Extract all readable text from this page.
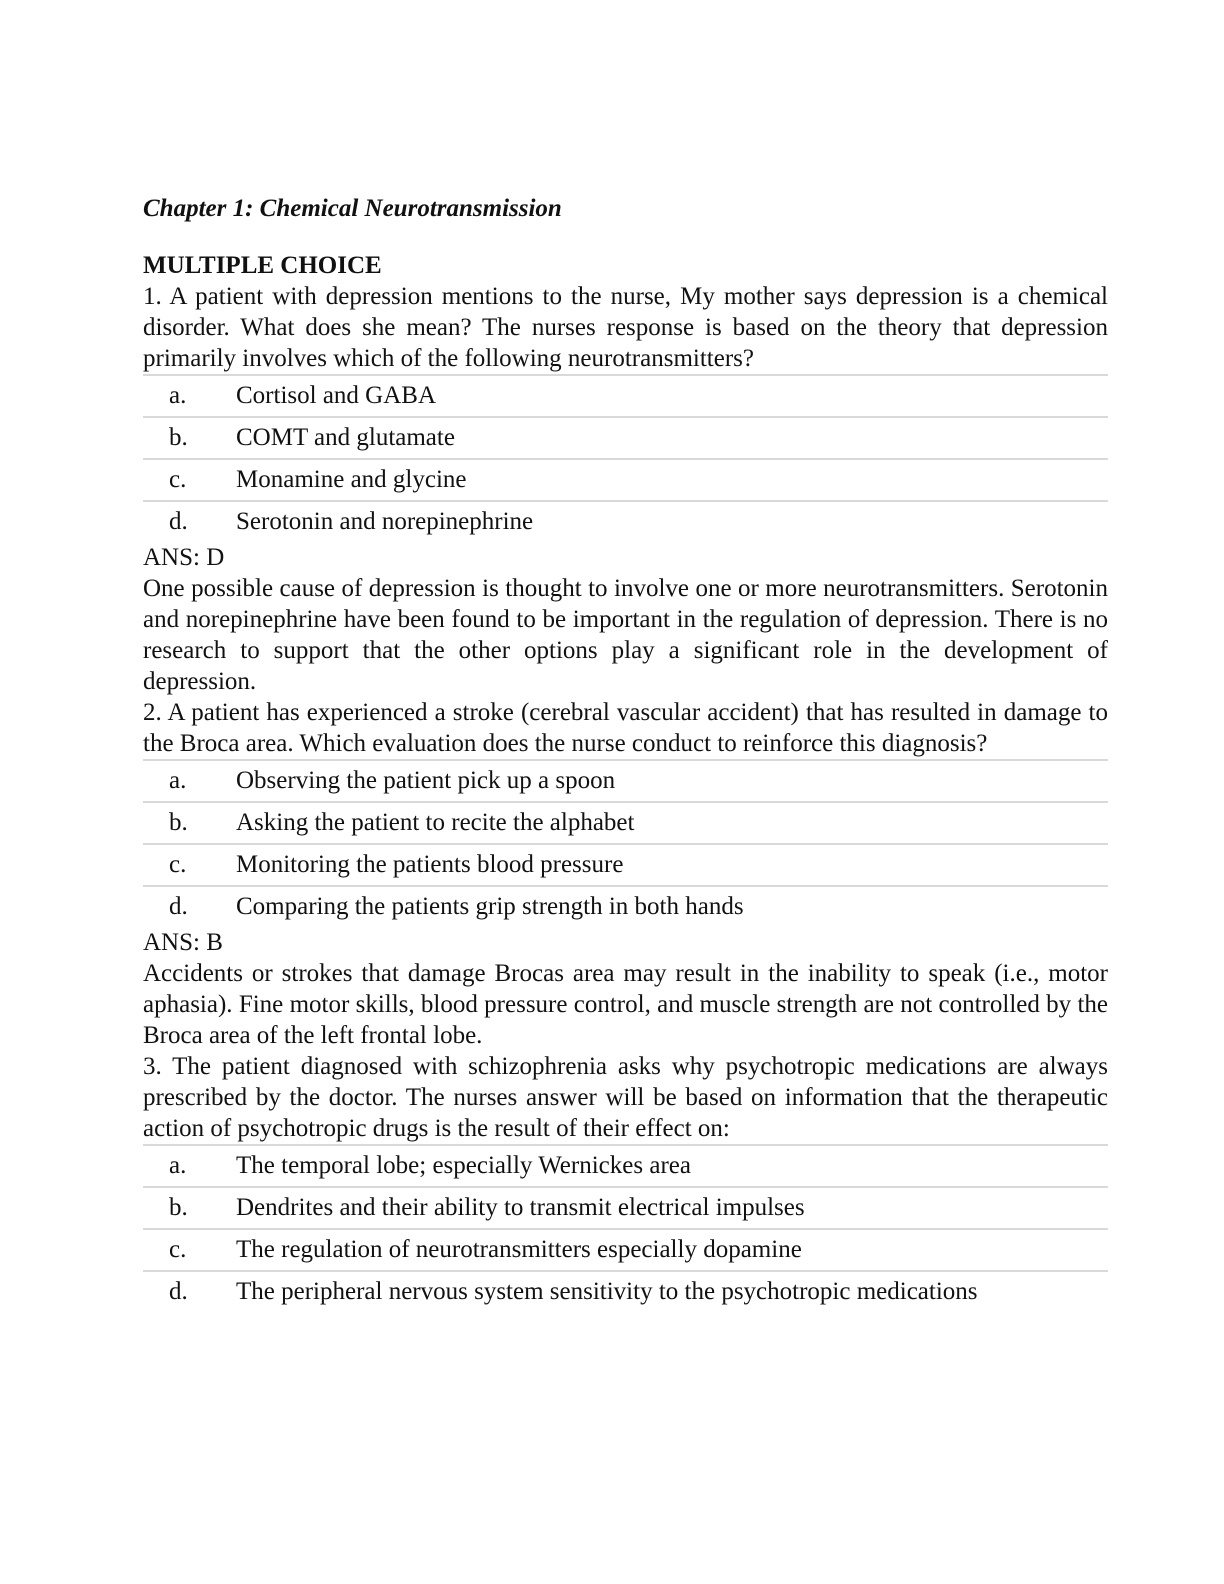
Chapter 1: Chemical Neurotransmission
MULTIPLE CHOICE

1. A patient with depression mentions to the nurse, My mother says depression is a chemical disorder. What does she mean? The nurses response is based on the theory that depression primarily involves which of the following neurotransmitters?

a.	Cortisol and GABA
b.	COMT and glutamate
c.	Monamine and glycine
d.	Serotonin and norepinephrine

ANS: D

One possible cause of depression is thought to involve one or more neurotransmitters. Serotonin and norepinephrine have been found to be important in the regulation of depression. There is no research to support that the other options play a significant role in the development of depression.

2. A patient has experienced a stroke (cerebral vascular accident) that has resulted in damage to the Broca area. Which evaluation does the nurse conduct to reinforce this diagnosis?

a.	Observing the patient pick up a spoon
b.	Asking the patient to recite the alphabet
c.	Monitoring the patients blood pressure
d.	Comparing the patients grip strength in both hands

ANS: B

Accidents or strokes that damage Brocas area may result in the inability to speak (i.e., motor aphasia). Fine motor skills, blood pressure control, and muscle strength are not controlled by the Broca area of the left frontal lobe.

3. The patient diagnosed with schizophrenia asks why psychotropic medications are always prescribed by the doctor. The nurses answer will be based on information that the therapeutic action of psychotropic drugs is the result of their effect on:

a.	The temporal lobe; especially Wernickes area
b.	Dendrites and their ability to transmit electrical impulses
c.	The regulation of neurotransmitters especially dopamine
d.	The peripheral nervous system sensitivity to the psychotropic medications
